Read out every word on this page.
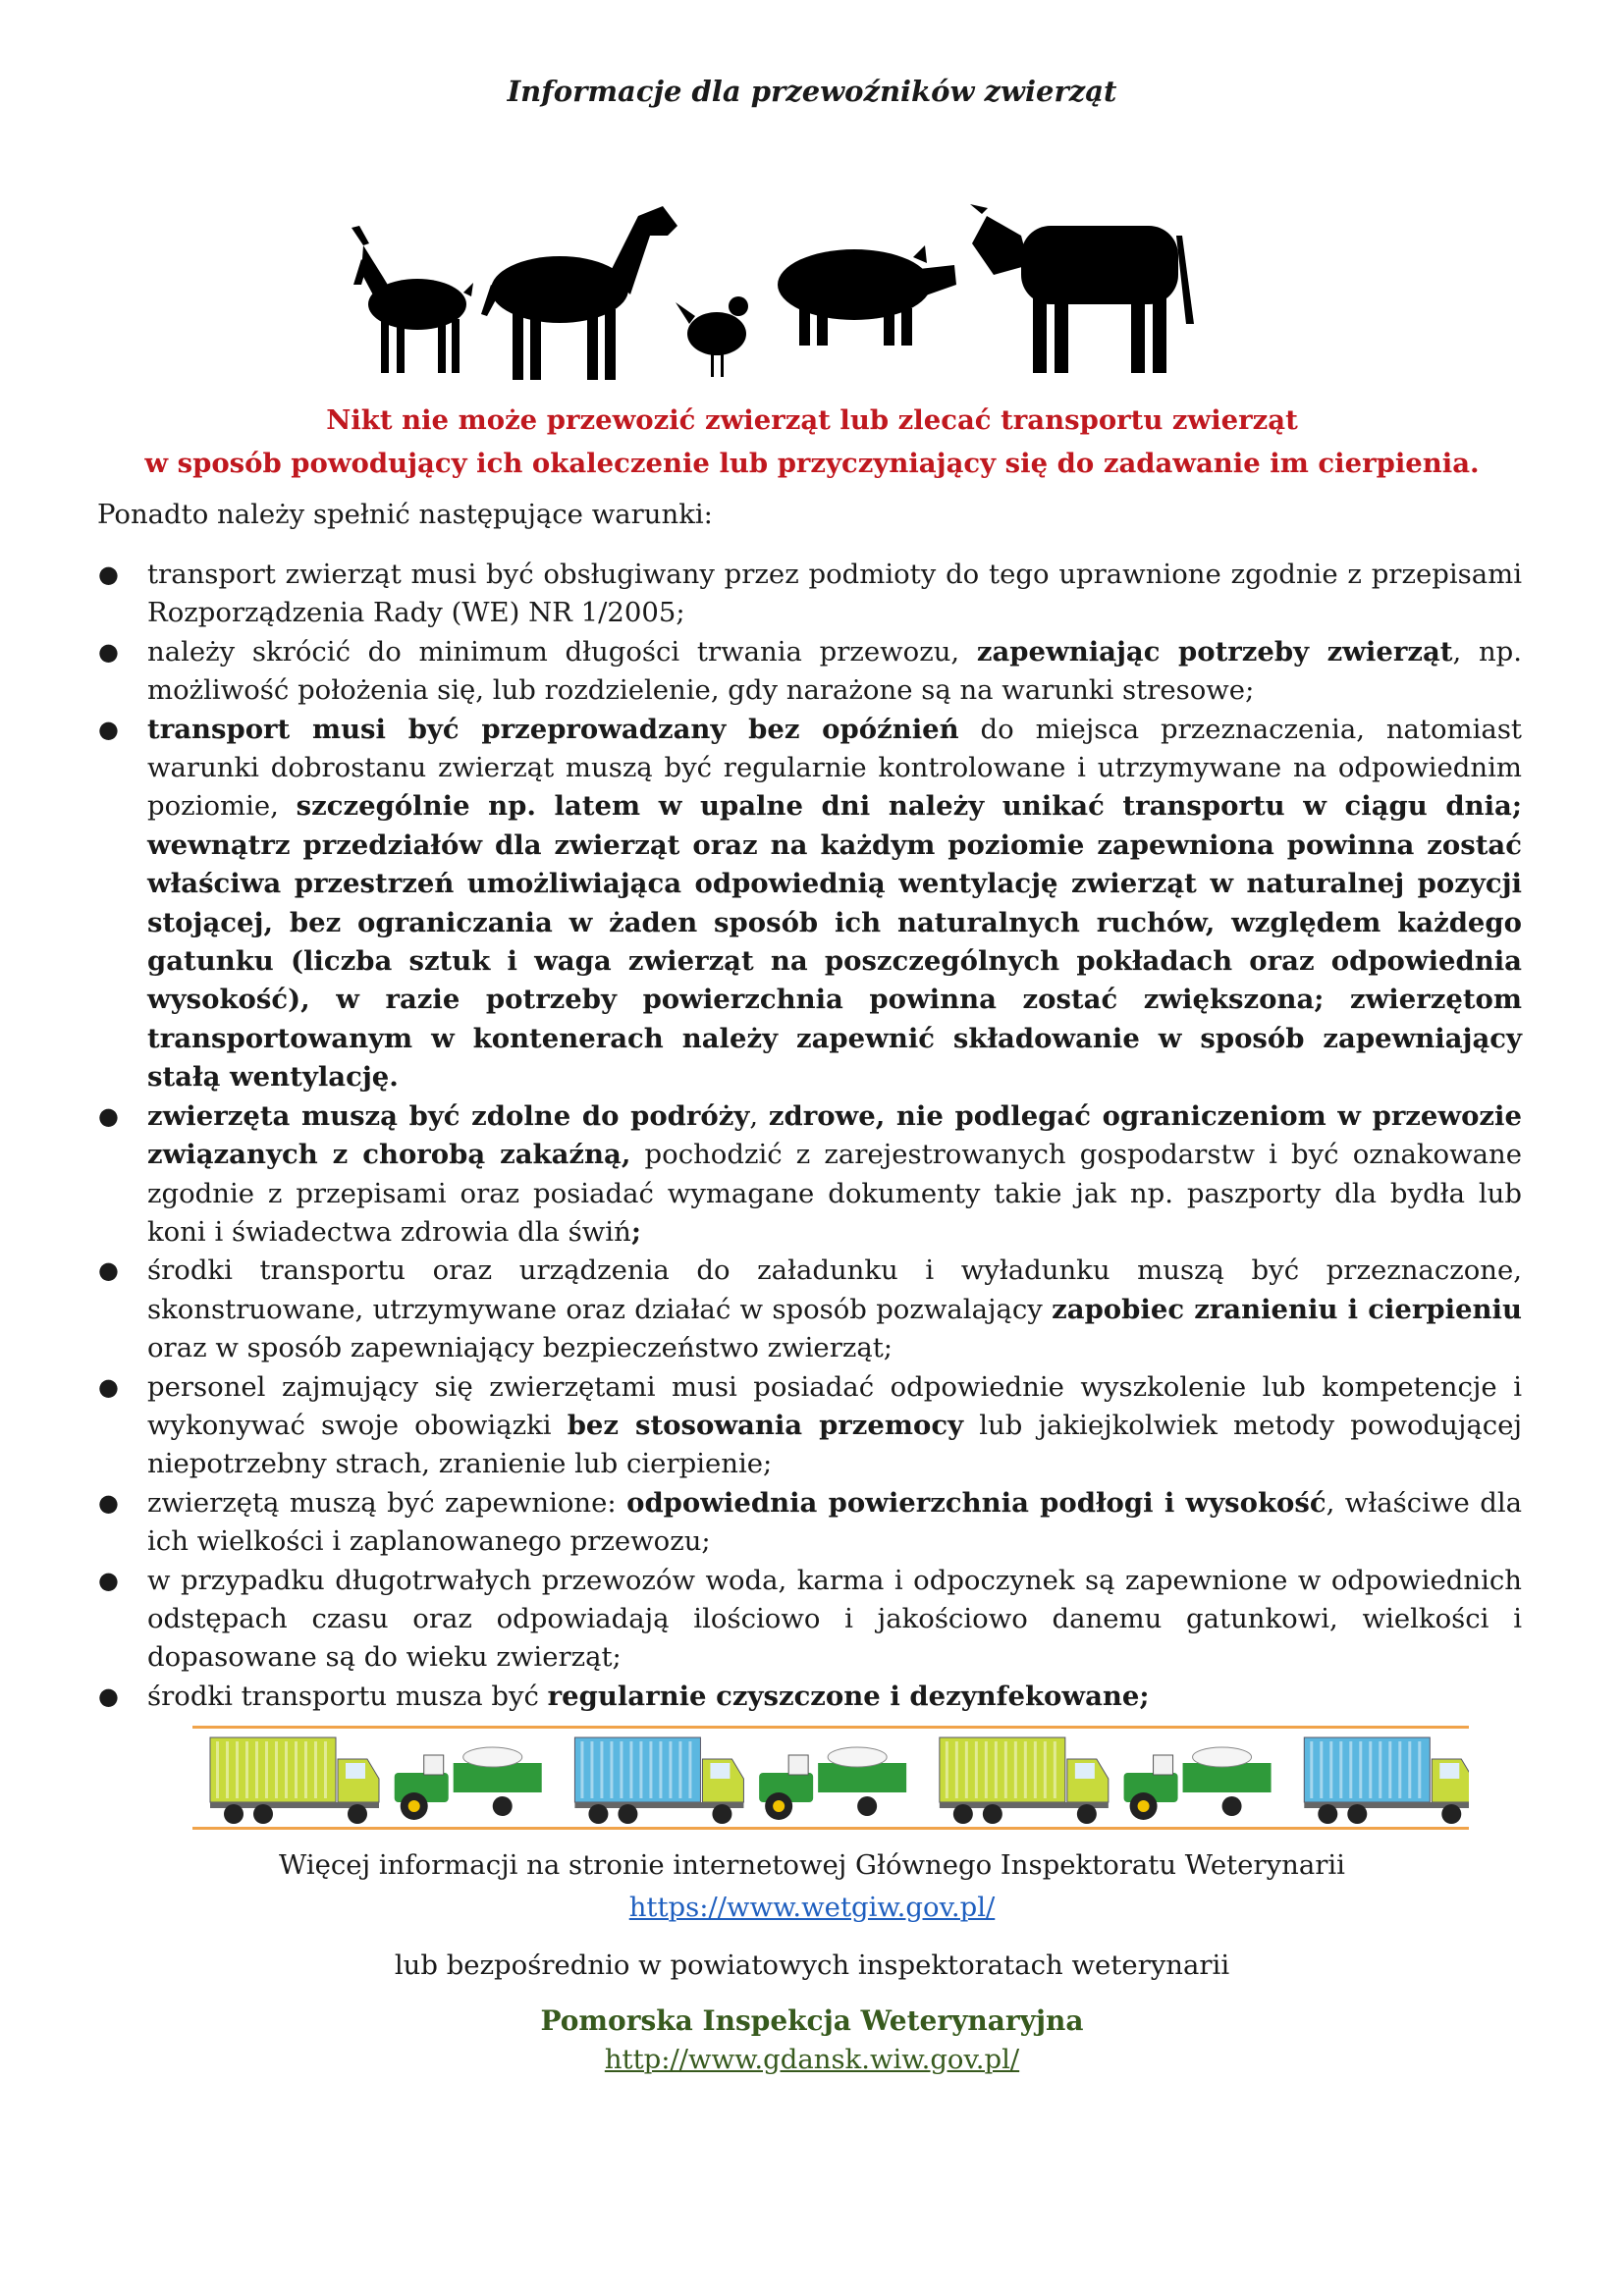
Informacje dla przewoźników zwierząt
Nikt nie może przewozić zwierząt lub zlecać transportu zwierząt
w sposób powodujący ich okaleczenie lub przyczyniający się do zadawanie im cierpienia.
Ponadto należy spełnić następujące warunki:
● transport zwierząt musi być obsługiwany przez podmioty do tego uprawnione zgodnie z przepisami Rozporządzenia Rady (WE) NR 1/2005;
● należy skrócić do minimum długości trwania przewozu, zapewniając potrzeby zwierząt, np. możliwość położenia się, lub rozdzielenie, gdy narażone są na warunki stresowe;
● transport musi być przeprowadzany bez opóźnień do miejsca przeznaczenia, natomiast warunki dobrostanu zwierząt muszą być regularnie kontrolowane i utrzymywane na odpowiednim poziomie, szczególnie np. latem w upalne dni należy unikać transportu w ciągu dnia; wewnątrz przedziałów dla zwierząt oraz na każdym poziomie zapewniona powinna zostać właściwa przestrzeń umożliwiająca odpowiednią wentylację zwierząt w naturalnej pozycji stojącej, bez ograniczania w żaden sposób ich naturalnych ruchów, względem każdego gatunku (liczba sztuk i waga zwierząt na poszczególnych pokładach oraz odpowiednia wysokość), w razie potrzeby powierzchnia powinna zostać zwiększona; zwierzętom transportowanym w kontenerach należy zapewnić składowanie w sposób zapewniający stałą wentylację.
● zwierzęta muszą być zdolne do podróży, zdrowe, nie podlegać ograniczeniom w przewozie związanych z chorobą zakaźną, pochodzić z zarejestrowanych gospodarstw i być oznakowane zgodnie z przepisami oraz posiadać wymagane dokumenty takie jak np. paszporty dla bydła lub koni i świadectwa zdrowia dla świń;
● środki transportu oraz urządzenia do załadunku i wyładunku muszą być przeznaczone, skonstruowane, utrzymywane oraz działać w sposób pozwalający zapobiec zranieniu i cierpieniu oraz w sposób zapewniający bezpieczeństwo zwierząt;
● personel zajmujący się zwierzętami musi posiadać odpowiednie wyszkolenie lub kompetencje i wykonywać swoje obowiązki bez stosowania przemocy lub jakiejkolwiek metody powodującej niepotrzebny strach, zranienie lub cierpienie;
● zwierzętą muszą być zapewnione: odpowiednia powierzchnia podłogi i wysokość, właściwe dla ich wielkości i zaplanowanego przewozu;
● w przypadku długotrwałych przewozów woda, karma i odpoczynek są zapewnione w odpowiednich odstępach czasu oraz odpowiadają ilościowo i jakościowo danemu gatunkowi, wielkości i dopasowane są do wieku zwierząt;
● środki transportu musza być regularnie czyszczone i dezynfekowane;
Więcej informacji na stronie internetowej Głównego Inspektoratu Weterynarii
https://www.wetgiw.gov.pl/
lub bezpośrednio w powiatowych inspektoratach weterynarii
Pomorska Inspekcja Weterynaryjna
http://www.gdansk.wiw.gov.pl/
